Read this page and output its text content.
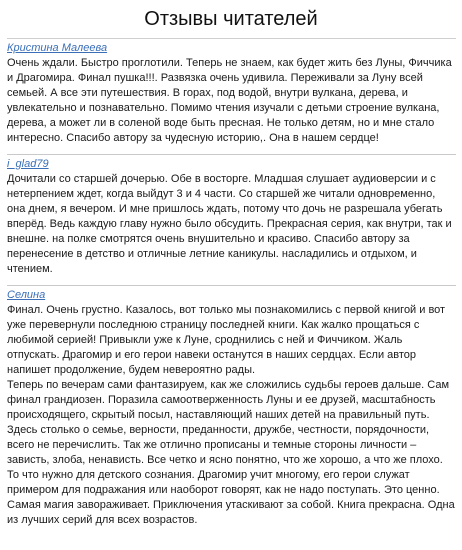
Отзывы читателей
Кристина Малеева

Очень ждали. Быстро проглотили. Теперь не знаем, как будет жить без Луны, Фиччика и Драгомира. Финал пушка!!!. Развязка очень удивила. Переживали за Луну всей семьей. А все эти путешествия. В горах, под водой, внутри вулкана, дерева, и увлекательно и познавательно. Помимо чтения изучали с детьми строение вулкана, дерева, а может ли в соленой воде быть пресная. Не только детям, но и мне стало интересно. Спасибо автору за чудесную историю,. Она в нашем сердце!

i_glad79

Дочитали со старшей дочерью. Обе в восторге. Младшая слушает аудиоверсии и с нетерпением ждет, когда выйдут 3 и 4 части. Со старшей же читали одновременно, она днем, я вечером. И мне пришлось ждать, потому что дочь не разрешала убегать вперёд. Ведь каждую главу нужно было обсудить. Прекрасная серия, как внутри, так и внешне. на полке смотрятся очень внушительно и красиво. Спасибо автору за перенесение в детство и отличные летние каникулы. насладились и отдыхом, и чтением.

Селина

Финал. Очень грустно. Казалось, вот только мы познакомились с первой книгой и вот уже перевернули последнюю страницу последней книги. Как жалко прощаться с любимой серией! Привыкли уже к Луне, сроднились с ней и Фиччиком. Жаль отпускать. Драгомир и его герои навеки останутся в наших сердцах. Если автор напишет продолжение, будем невероятно рады.
Теперь по вечерам сами фантазируем, как же сложились судьбы героев дальше. Сам финал грандиозен. Поразила самоотверженность Луны и ее друзей, масштабность происходящего, скрытый посыл, наставляющий наших детей на правильный путь. Здесь столько о семье, верности, преданности, дружбе, честности, порядочности, всего не перечислить. Так же отлично прописаны и темные стороны личности – зависть, злоба, ненависть. Все четко и ясно понятно, что же хорошо, а что же плохо. То что нужно для детского сознания. Драгомир учит многому, его герои служат примером для подражания или наоборот говорят, как не надо поступать. Это ценно. Самая магия завораживает. Приключения утаскивают за собой. Книга прекрасна. Одна из лучших серий для всех возрастов.
